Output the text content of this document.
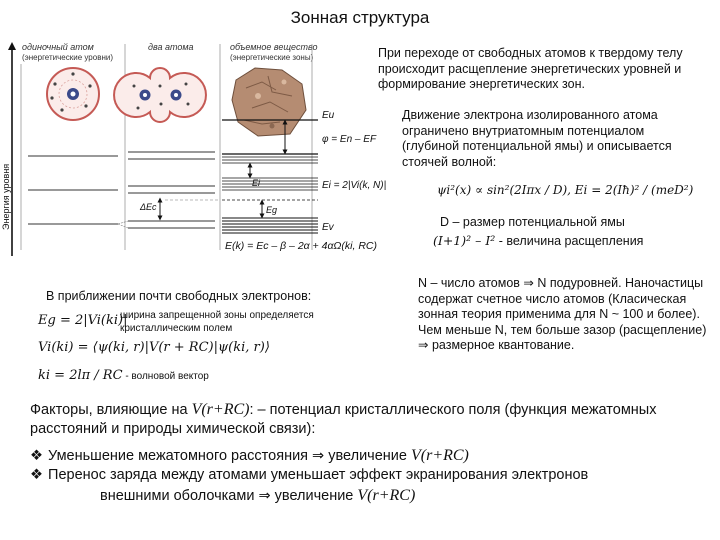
Зонная структура
Энергия уровня
одиночный атом
(энергетические уровни)
два атома	объемное вещество
(энергетические зоны)
Eu
φ = En – EF
Ei	Ei = 2|Vi(k, N)|
ΔEc	Eg
Ev
E(k) = Ec – β – 2α + 4αΩ(ki, RC)
При переходе от свободных атомов к твердому телу происходит расщепление энергетических уровней и формирование энергетических зон.
Движение электрона изолированного атома ограничено внутриатомным потенциалом (глубиной потенциальной ямы) и описывается стоячей волной:
ψi²(x) ∝ sin²(2Iπx / D), Ei = 2(Iħ)² / (meD²)
D – размер потенциальной ямы
(I+1)² – I² - величина расщепления
N – число атомов ⇒ N подуровней. Наночастицы содержат счетное число атомов (Класическая зонная теория применима для N ~ 100 и более). Чем меньше N, тем больше зазор (расщепление) ⇒ размерное квантование.
В приближении почти свободных электронов:
Eg = 2|Vi(ki)|
ширина запрещенной зоны определяется кристаллическим полем
Vi(ki) = ⟨ψ(ki, r)|V(r + RC)|ψ(ki, r)⟩
ki = 2lπ / RC - волновой вектор
Факторы, влияющие на V(r+RC): – потенциал кристаллического поля (функция межатомных расстояний и природы химической связи):
❖ Уменьшение межатомного расстояния ⇒ увеличение V(r+RC)
❖ Перенос заряда между атомами уменьшает эффект экранирования электронов
внешними оболочками ⇒ увеличение V(r+RC)
